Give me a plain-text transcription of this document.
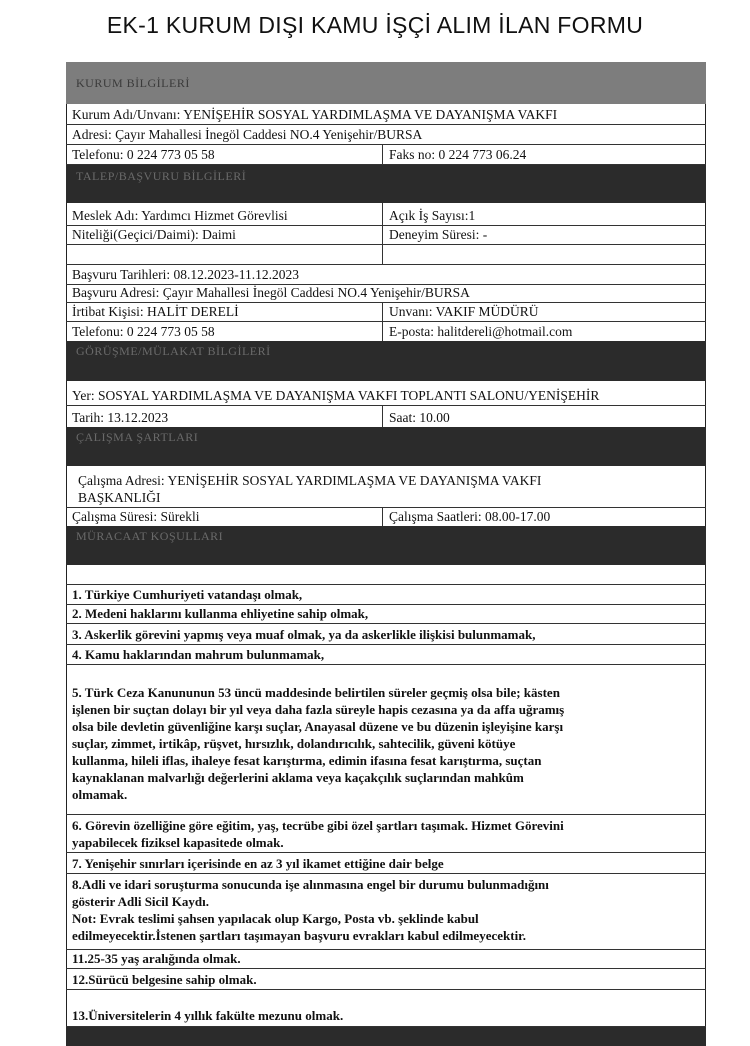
EK-1 KURUM DIŞI KAMU İŞÇİ ALIM İLAN FORMU
KURUM BİLGİLERİ
Kurum Adı/Unvanı: YENİŞEHİR SOSYAL YARDIMLAŞMA VE DAYANIŞMA VAKFI
Adresi: Çayır Mahallesi İnegöl Caddesi NO.4 Yenişehir/BURSA
Telefonu: 0 224 773 05 58	Faks no: 0 224 773 06.24
TALEP/BAŞVURU BİLGİLERİ
Meslek Adı: Yardımcı Hizmet Görevlisi	Açık İş Sayısı:1
Niteliği(Geçici/Daimi): Daimi	Deneyim Süresi: -
Başvuru Tarihleri: 08.12.2023-11.12.2023
Başvuru Adresi: Çayır Mahallesi İnegöl Caddesi NO.4 Yenişehir/BURSA
İrtibat Kişisi: HALİT DERELİ	Unvanı: VAKIF MÜDÜRÜ
Telefonu: 0 224 773 05 58	E-posta: halitdereli@hotmail.com
GÖRÜŞME/MÜLAKAT BİLGİLERİ
Yer: SOSYAL YARDIMLAŞMA VE DAYANIŞMA VAKFI TOPLANTI SALONU/YENİŞEHİR
Tarih: 13.12.2023	Saat: 10.00
ÇALIŞMA ŞARTLARI
Çalışma Adresi: YENİŞEHİR SOSYAL YARDIMLAŞMA VE DAYANIŞMA VAKFI
BAŞKANLIĞI
Çalışma Süresi: Sürekli	Çalışma Saatleri: 08.00-17.00
MÜRACAAT KOŞULLARI
1. Türkiye Cumhuriyeti vatandaşı olmak,
2. Medeni haklarını kullanma ehliyetine sahip olmak,
3. Askerlik görevini yapmış veya muaf olmak, ya da askerlikle ilişkisi bulunmamak,
4. Kamu haklarından mahrum bulunmamak,
5. Türk Ceza Kanununun 53 üncü maddesinde belirtilen süreler geçmiş olsa bile; kästen
işlenen bir suçtan dolayı bir yıl veya daha fazla süreyle hapis cezasına ya da affa uğramış
olsa bile devletin güvenliğine karşı suçlar, Anayasal düzene ve bu düzenin işleyişine karşı
suçlar, zimmet, irtikâp, rüşvet, hırsızlık, dolandırıcılık, sahtecilik, güveni kötüye
kullanma, hileli iflas, ihaleye fesat karıştırma, edimin ifasına fesat karıştırma, suçtan
kaynaklanan malvarlığı değerlerini aklama veya kaçakçılık suçlarından mahkûm
olmamak.
6. Görevin özelliğine göre eğitim, yaş, tecrübe gibi özel şartları taşımak. Hizmet Görevini
yapabilecek fiziksel kapasitede olmak.
7. Yenişehir sınırları içerisinde en az 3 yıl ikamet ettiğine dair belge
8.Adli ve idari soruşturma sonucunda işe alınmasına engel bir durumu bulunmadığını
gösterir Adli Sicil Kaydı.
Not: Evrak teslimi şahsen yapılacak olup Kargo, Posta vb. şeklinde kabul
edilmeyecektir.İstenen şartları taşımayan başvuru evrakları kabul edilmeyecektir.
11.25-35 yaş aralığında olmak.
12.Sürücü belgesine sahip olmak.
13.Üniversitelerin 4 yıllık fakülte mezunu olmak.
